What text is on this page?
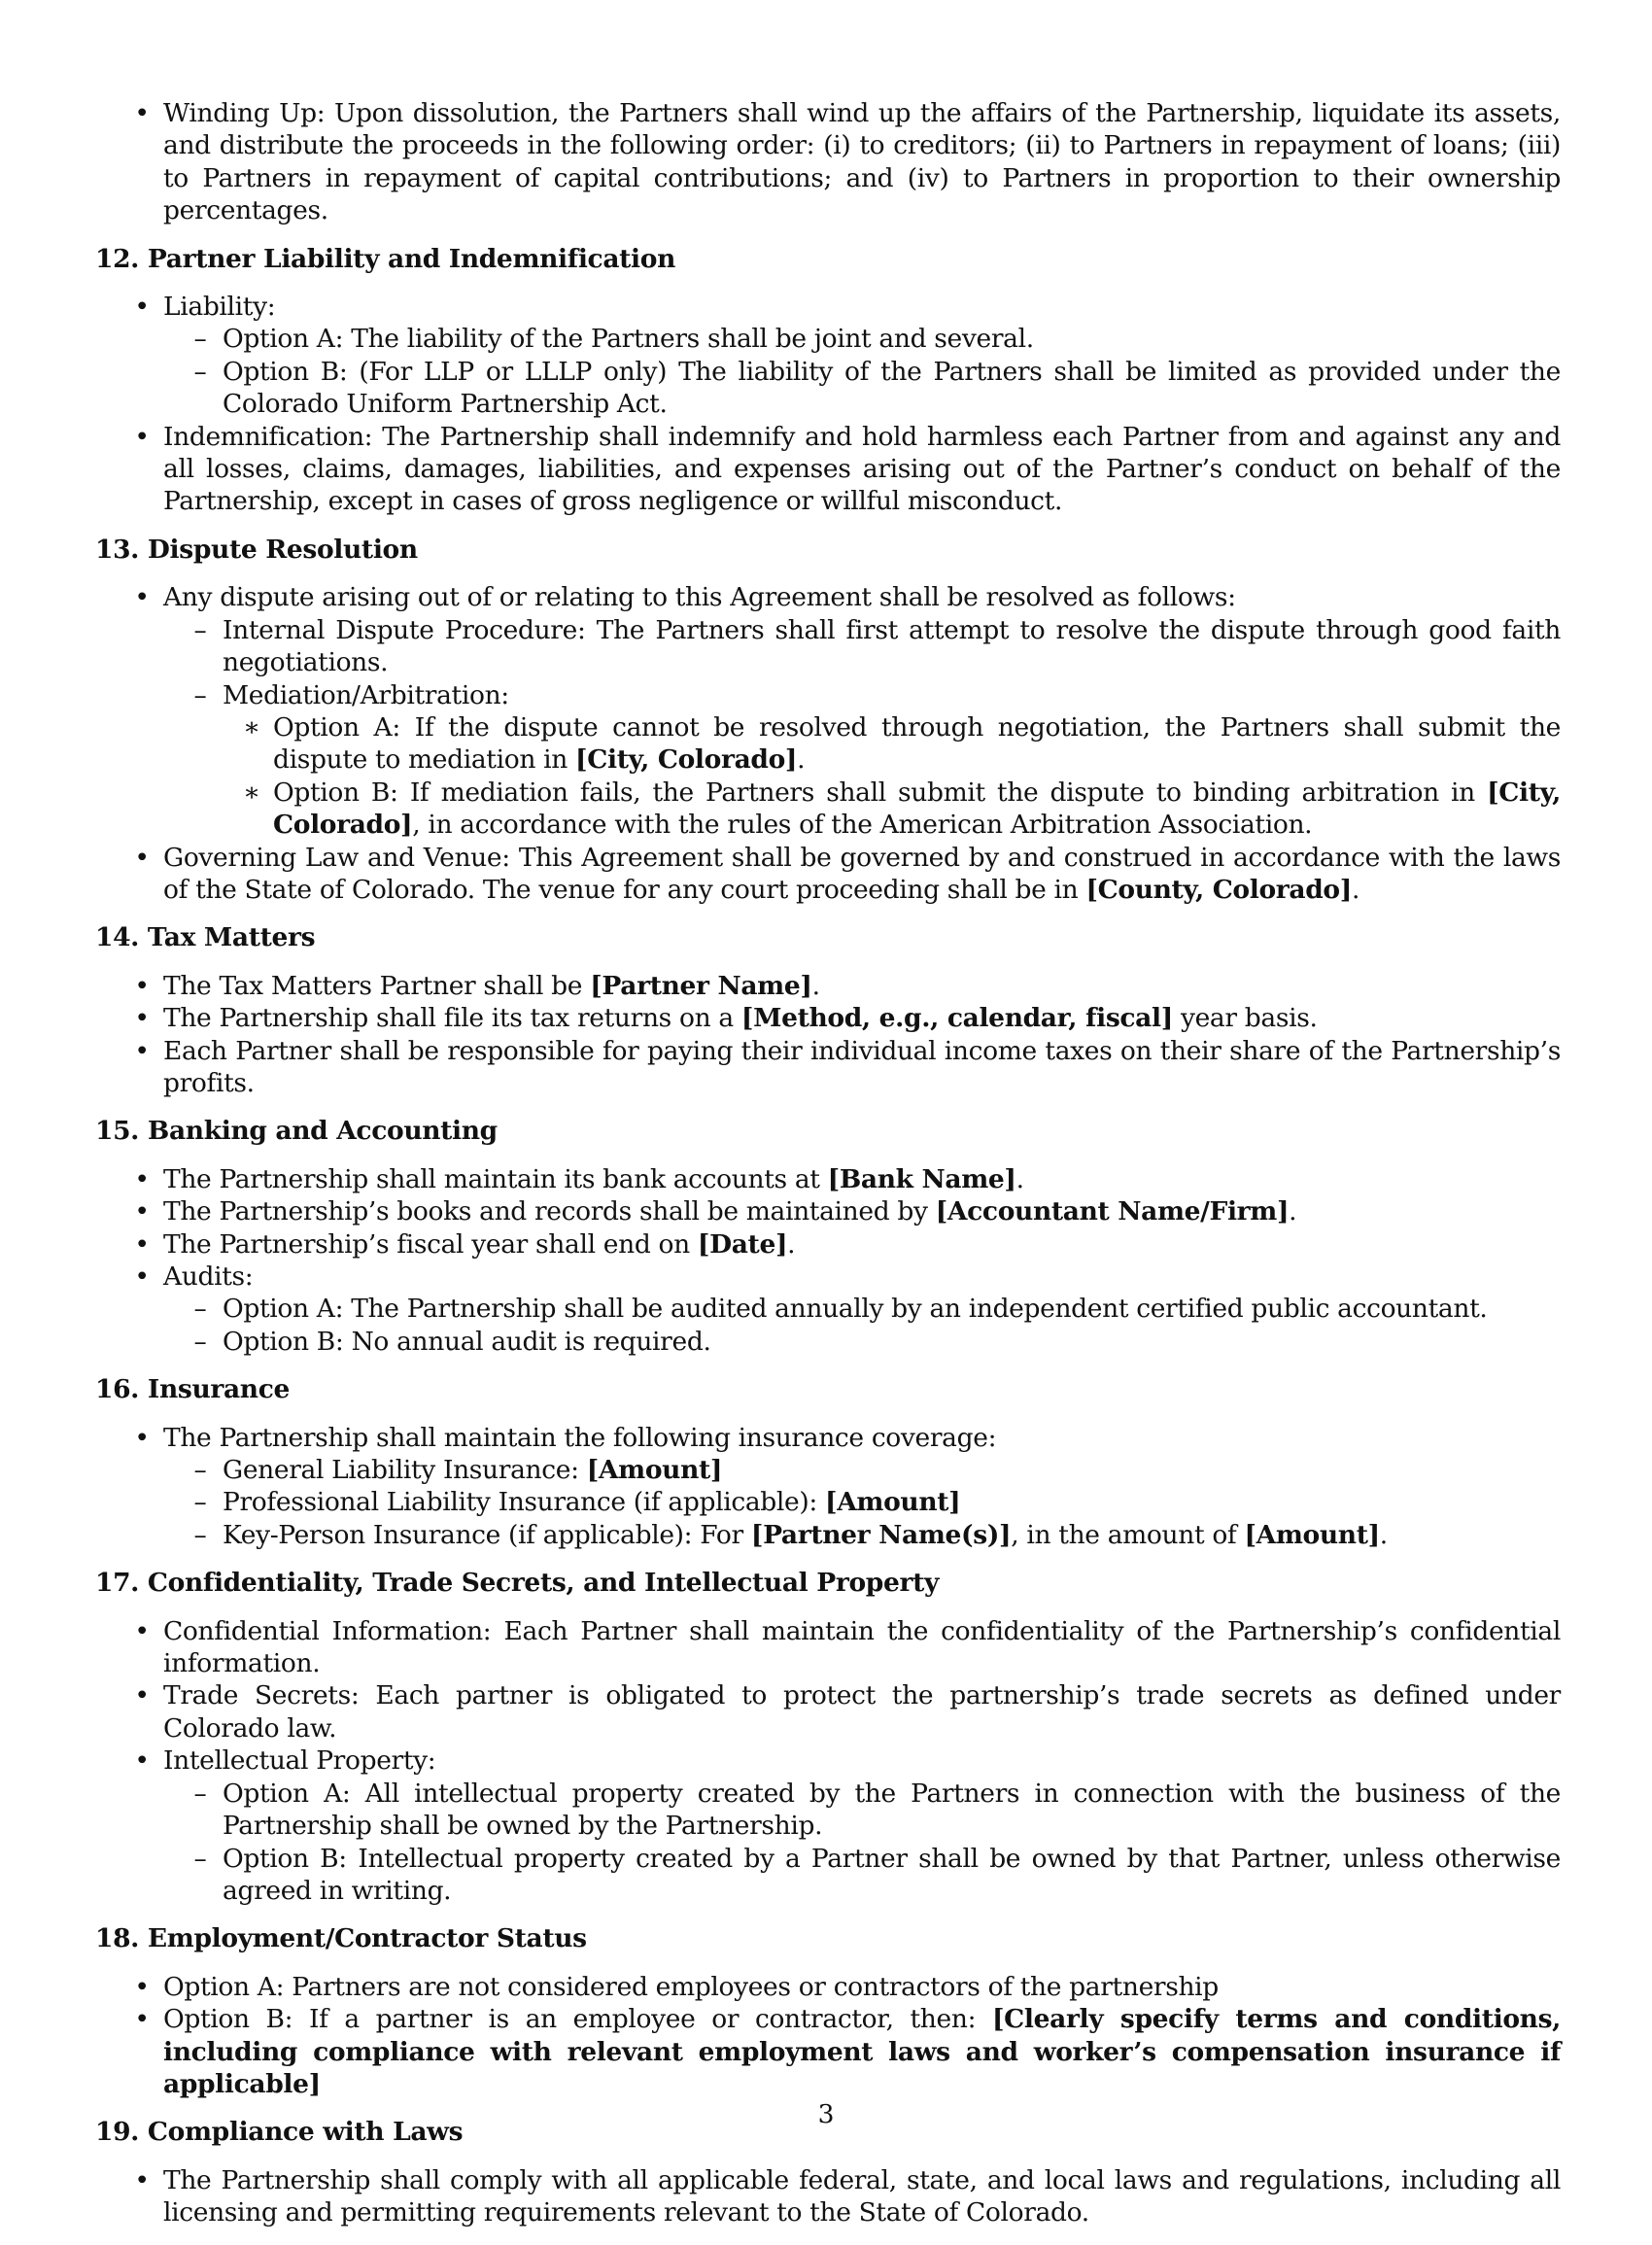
• Winding Up: Upon dissolution, the Partners shall wind up the affairs of the Partnership, liquidate its assets, and distribute the proceeds in the following order: (i) to creditors; (ii) to Partners in repayment of loans; (iii) to Partners in repayment of capital contributions; and (iv) to Partners in proportion to their ownership percentages.
12. Partner Liability and Indemnification
• Liability:
– Option A: The liability of the Partners shall be joint and several.
– Option B: (For LLP or LLLP only) The liability of the Partners shall be limited as provided under the Colorado Uniform Partnership Act.
• Indemnification: The Partnership shall indemnify and hold harmless each Partner from and against any and all losses, claims, damages, liabilities, and expenses arising out of the Partner’s conduct on behalf of the Partnership, except in cases of gross negligence or willful misconduct.
13. Dispute Resolution
• Any dispute arising out of or relating to this Agreement shall be resolved as follows:
– Internal Dispute Procedure: The Partners shall first attempt to resolve the dispute through good faith negotiations.
– Mediation/Arbitration:
∗ Option A: If the dispute cannot be resolved through negotiation, the Partners shall submit the dispute to mediation in [City, Colorado].
∗ Option B: If mediation fails, the Partners shall submit the dispute to binding arbitration in [City, Colorado], in accordance with the rules of the American Arbitration Association.
• Governing Law and Venue: This Agreement shall be governed by and construed in accordance with the laws of the State of Colorado. The venue for any court proceeding shall be in [County, Colorado].
14. Tax Matters
• The Tax Matters Partner shall be [Partner Name].
• The Partnership shall file its tax returns on a [Method, e.g., calendar, fiscal] year basis.
• Each Partner shall be responsible for paying their individual income taxes on their share of the Partnership’s profits.
15. Banking and Accounting
• The Partnership shall maintain its bank accounts at [Bank Name].
• The Partnership’s books and records shall be maintained by [Accountant Name/Firm].
• The Partnership’s fiscal year shall end on [Date].
• Audits:
– Option A: The Partnership shall be audited annually by an independent certified public accountant.
– Option B: No annual audit is required.
16. Insurance
• The Partnership shall maintain the following insurance coverage:
– General Liability Insurance: [Amount]
– Professional Liability Insurance (if applicable): [Amount]
– Key-Person Insurance (if applicable): For [Partner Name(s)], in the amount of [Amount].
17. Confidentiality, Trade Secrets, and Intellectual Property
• Confidential Information: Each Partner shall maintain the confidentiality of the Partnership’s confidential information.
• Trade Secrets: Each partner is obligated to protect the partnership’s trade secrets as defined under Colorado law.
• Intellectual Property:
– Option A: All intellectual property created by the Partners in connection with the business of the Partnership shall be owned by the Partnership.
– Option B: Intellectual property created by a Partner shall be owned by that Partner, unless otherwise agreed in writing.
18. Employment/Contractor Status
• Option A: Partners are not considered employees or contractors of the partnership
• Option B: If a partner is an employee or contractor, then: [Clearly specify terms and conditions, including compliance with relevant employment laws and worker’s compensation insurance if applicable]
19. Compliance with Laws
• The Partnership shall comply with all applicable federal, state, and local laws and regulations, including all licensing and permitting requirements relevant to the State of Colorado.
3
